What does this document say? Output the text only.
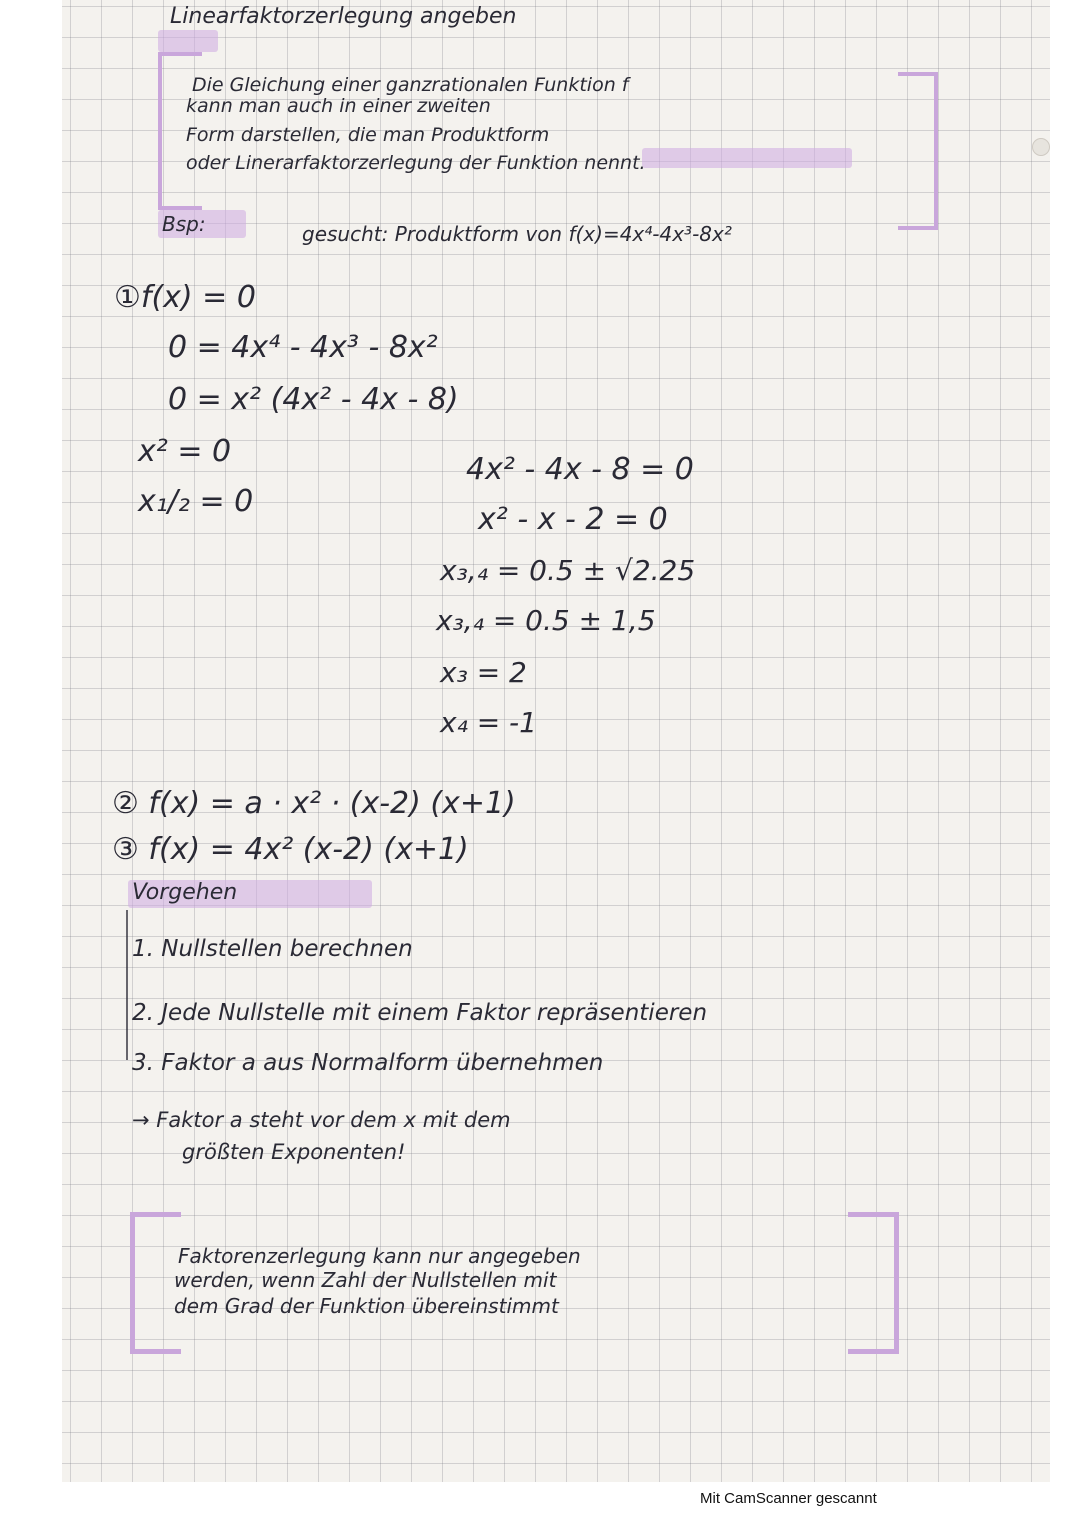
Linearfaktorzerlegung angeben
Die Gleichung einer ganzrationalen Funktion f
kann man auch in einer zweiten
Form darstellen, die man Produktform
oder Linerarfaktorzerlegung der Funktion nennt.
Bsp:	gesucht: Produktform von f(x)=4x⁴-4x³-8x²
①f(x) = 0
0 = 4x⁴ - 4x³ - 8x²
0 = x² (4x² - 4x - 8)
x² = 0
x₁/₂ = 0
4x² - 4x - 8 = 0
x² - x - 2 = 0
x₃,₄ = 0.5 ± √2.25
x₃,₄ = 0.5 ± 1,5
x₃ = 2
x₄ = -1
② f(x) = a · x² · (x-2) (x+1)
③ f(x) = 4x² (x-2) (x+1)
Vorgehen
1. Nullstellen berechnen
2. Jede Nullstelle mit einem Faktor repräsentieren
3. Faktor a aus Normalform übernehmen
→ Faktor a steht vor dem x mit dem
größten Exponenten!
Faktorenzerlegung kann nur angegeben
werden, wenn Zahl der Nullstellen mit
dem Grad der Funktion übereinstimmt
Mit CamScanner gescannt
